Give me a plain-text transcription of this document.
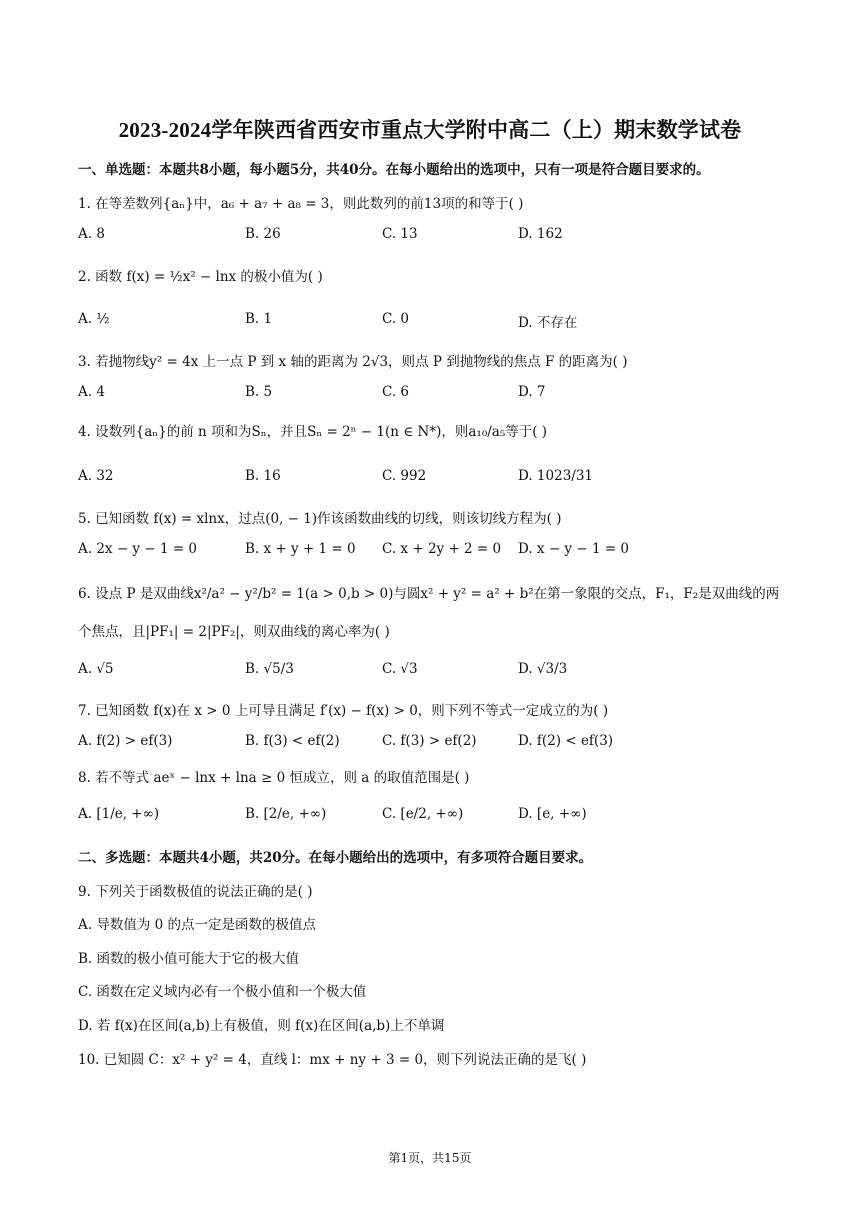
2023-2024学年陕西省西安市重点大学附中高二（上）期末数学试卷
一、单选题：本题共8小题，每小题5分，共40分。在每小题给出的选项中，只有一项是符合题目要求的。
1. 在等差数列{aₙ}中，a₆ + a₇ + a₈ = 3，则此数列的前13项的和等于( )
A. 8	B. 26	C. 13	D. 162
2. 函数 f(x) = ½x² − lnx 的极小值为( )
A. ½	B. 1	C. 0	D. 不存在
3. 若抛物线y² = 4x 上一点 P 到 x 轴的距离为 2√3，则点 P 到抛物线的焦点 F 的距离为( )
A. 4	B. 5	C. 6	D. 7
4. 设数列{aₙ}的前 n 项和为Sₙ，并且Sₙ = 2ⁿ − 1(n ∈ N*)，则a₁₀/a₅等于( )
A. 32	B. 16	C. 992	D. 1023/31
5. 已知函数 f(x) = xlnx，过点(0, − 1)作该函数曲线的切线，则该切线方程为( )
A. 2x − y − 1 = 0	B. x + y + 1 = 0 C. x + 2y + 2 = 0 D. x − y − 1 = 0
6. 设点 P 是双曲线x²/a² − y²/b² = 1(a > 0,b > 0)与圆x² + y² = a² + b²在第一象限的交点，F₁，F₂是双曲线的两
个焦点，且|PF₁| = 2|PF₂|，则双曲线的离心率为( )
A. √5	B. √5/3	C. √3	D. √3/3
7. 已知函数 f(x)在 x > 0 上可导且满足 f′(x) − f(x) > 0，则下列不等式一定成立的为( )
A. f(2) > ef(3)	B. f(3) < ef(2)	C. f(3) > ef(2)	D. f(2) < ef(3)
8. 若不等式 aeˣ − lnx + lna ≥ 0 恒成立，则 a 的取值范围是( )
A. [1/e, +∞)	B. [2/e, +∞)	C. [e/2, +∞)	D. [e, +∞)
二、多选题：本题共4小题，共20分。在每小题给出的选项中，有多项符合题目要求。
9. 下列关于函数极值的说法正确的是( )
A. 导数值为 0 的点一定是函数的极值点
B. 函数的极小值可能大于它的极大值
C. 函数在定义域内必有一个极小值和一个极大值
D. 若 f(x)在区间(a,b)上有极值，则 f(x)在区间(a,b)上不单调
10. 已知圆 C：x² + y² = 4，直线 l：mx + ny + 3 = 0，则下列说法正确的是飞( )
第1页，共15页
